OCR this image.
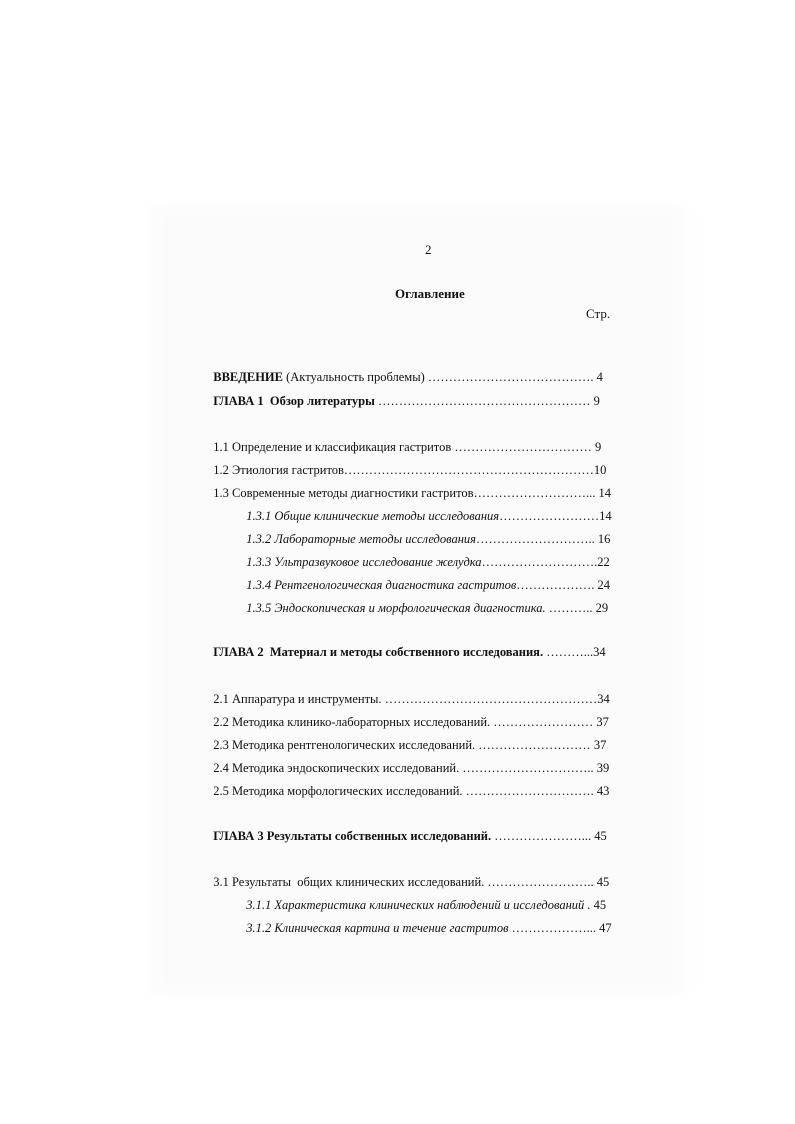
2
Оглавление
Стр.

ВВЕДЕНИЕ (Актуальность проблемы) …………………………………. 4

ГЛАВА 1  Обзор литературы …………………………………………… 9

1.1 Определение и классификация гастритов …………………………… 9

1.2 Этиология гастритов……………………………………………………10

1.3 Современные методы диагностики гастритов………………………... 14

1.3.1 Общие клинические методы исследования……………………14

1.3.2 Лабораторные методы исследования……………………….. 16

1.3.3 Ультразвуковое исследование желудка……………………….22

1.3.4 Рентгенологическая диагностика гастритов………………. 24

1.3.5 Эндоскопическая и морфологическая диагностика. ……….. 29

ГЛАВА 2  Материал и методы собственного исследования. ………...34

2.1 Аппаратура и инструменты. ……………………………………………34

2.2 Методика клинико-лабораторных исследований. …………………… 37

2.3 Методика рентгенологических исследований. ……………………… 37

2.4 Методика эндоскопических исследований. ………………………….. 39

2.5 Методика морфологических исследований. …………………………. 43

ГЛАВА 3 Результаты собственных исследований. …………………... 45

3.1 Результаты  общих клинических исследований. …………………….. 45

3.1.1 Характеристика клинических наблюдений и исследований . 45

3.1.2 Клиническая картина и течение гастритов ………………... 47
